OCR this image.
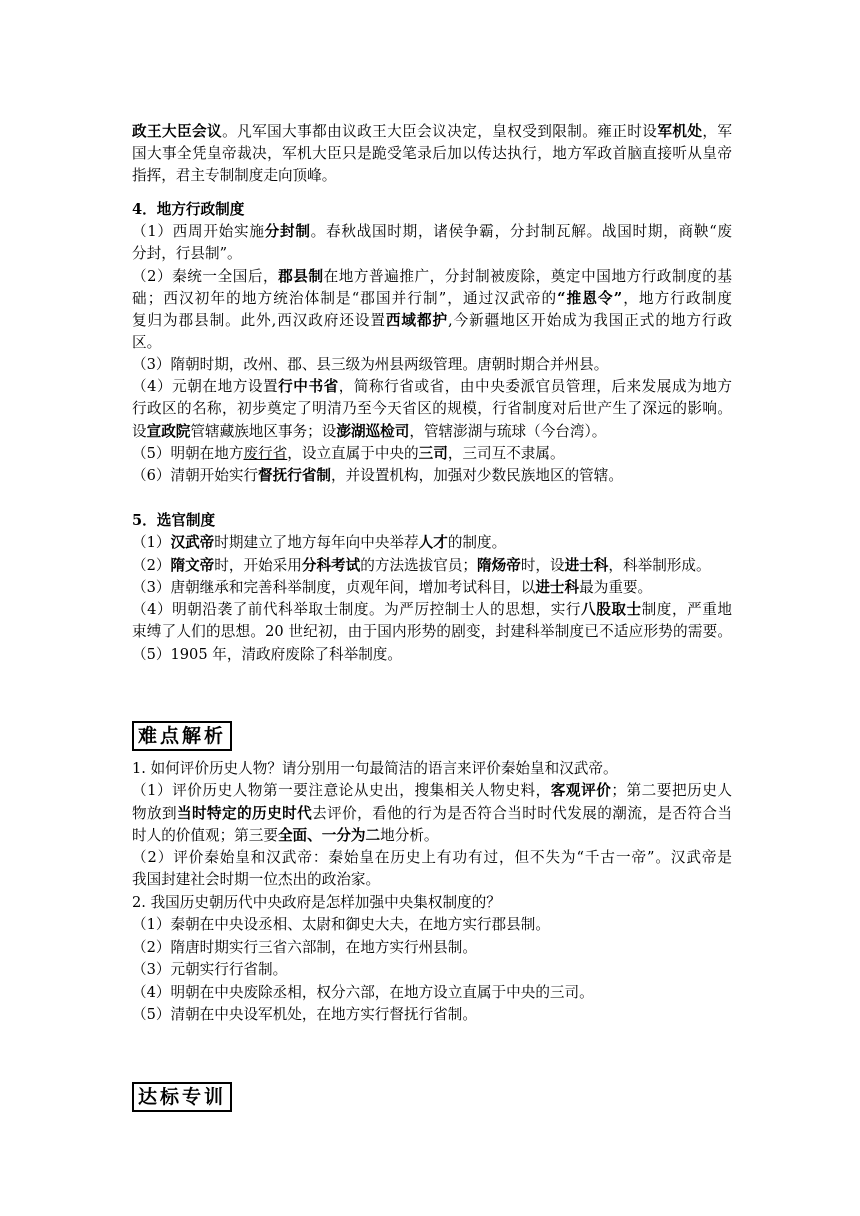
政王大臣会议。凡军国大事都由议政王大臣会议决定，皇权受到限制。雍正时设军机处，军
国大事全凭皇帝裁决，军机大臣只是跪受笔录后加以传达执行，地方军政首脑直接听从皇帝
指挥，君主专制制度走向顶峰。
4．地方行政制度
（1）西周开始实施分封制。春秋战国时期，诸侯争霸，分封制瓦解。战国时期，商鞅“废
分封，行县制”。
（2）秦统一全国后，郡县制在地方普遍推广，分封制被废除，奠定中国地方行政制度的基
础；西汉初年的地方统治体制是“郡国并行制”，通过汉武帝的“推恩令”，地方行政制度
复归为郡县制。此外,西汉政府还设置西域都护,今新疆地区开始成为我国正式的地方行政
区。
（3）隋朝时期，改州、郡、县三级为州县两级管理。唐朝时期合并州县。
（4）元朝在地方设置行中书省，简称行省或省，由中央委派官员管理，后来发展成为地方
行政区的名称，初步奠定了明清乃至今天省区的规模，行省制度对后世产生了深远的影响。
设宣政院管辖藏族地区事务；设澎湖巡检司，管辖澎湖与琉球（今台湾）。
（5）明朝在地方废行省，设立直属于中央的三司，三司互不隶属。
（6）清朝开始实行督抚行省制，并设置机构，加强对少数民族地区的管辖。
5．选官制度
（1）汉武帝时期建立了地方每年向中央举荐人才的制度。
（2）隋文帝时，开始采用分科考试的方法选拔官员；隋炀帝时，设进士科，科举制形成。
（3）唐朝继承和完善科举制度，贞观年间，增加考试科目，以进士科最为重要。
（4）明朝沿袭了前代科举取士制度。为严厉控制士人的思想，实行八股取士制度，严重地
束缚了人们的思想。20 世纪初，由于国内形势的剧变，封建科举制度已不适应形势的需要。
（5）1905 年，清政府废除了科举制度。
难点解析
1. 如何评价历史人物？请分别用一句最简洁的语言来评价秦始皇和汉武帝。
（1）评价历史人物第一要注意论从史出，搜集相关人物史料，客观评价；第二要把历史人
物放到当时特定的历史时代去评价，看他的行为是否符合当时时代发展的潮流，是否符合当
时人的价值观；第三要全面、一分为二地分析。
（2）评价秦始皇和汉武帝：秦始皇在历史上有功有过，但不失为“千古一帝”。汉武帝是
我国封建社会时期一位杰出的政治家。
2. 我国历史朝历代中央政府是怎样加强中央集权制度的？
（1）秦朝在中央设丞相、太尉和御史大夫，在地方实行郡县制。
（2）隋唐时期实行三省六部制，在地方实行州县制。
（3）元朝实行行省制。
（4）明朝在中央废除丞相，权分六部，在地方设立直属于中央的三司。
（5）清朝在中央设军机处，在地方实行督抚行省制。
达标专训
